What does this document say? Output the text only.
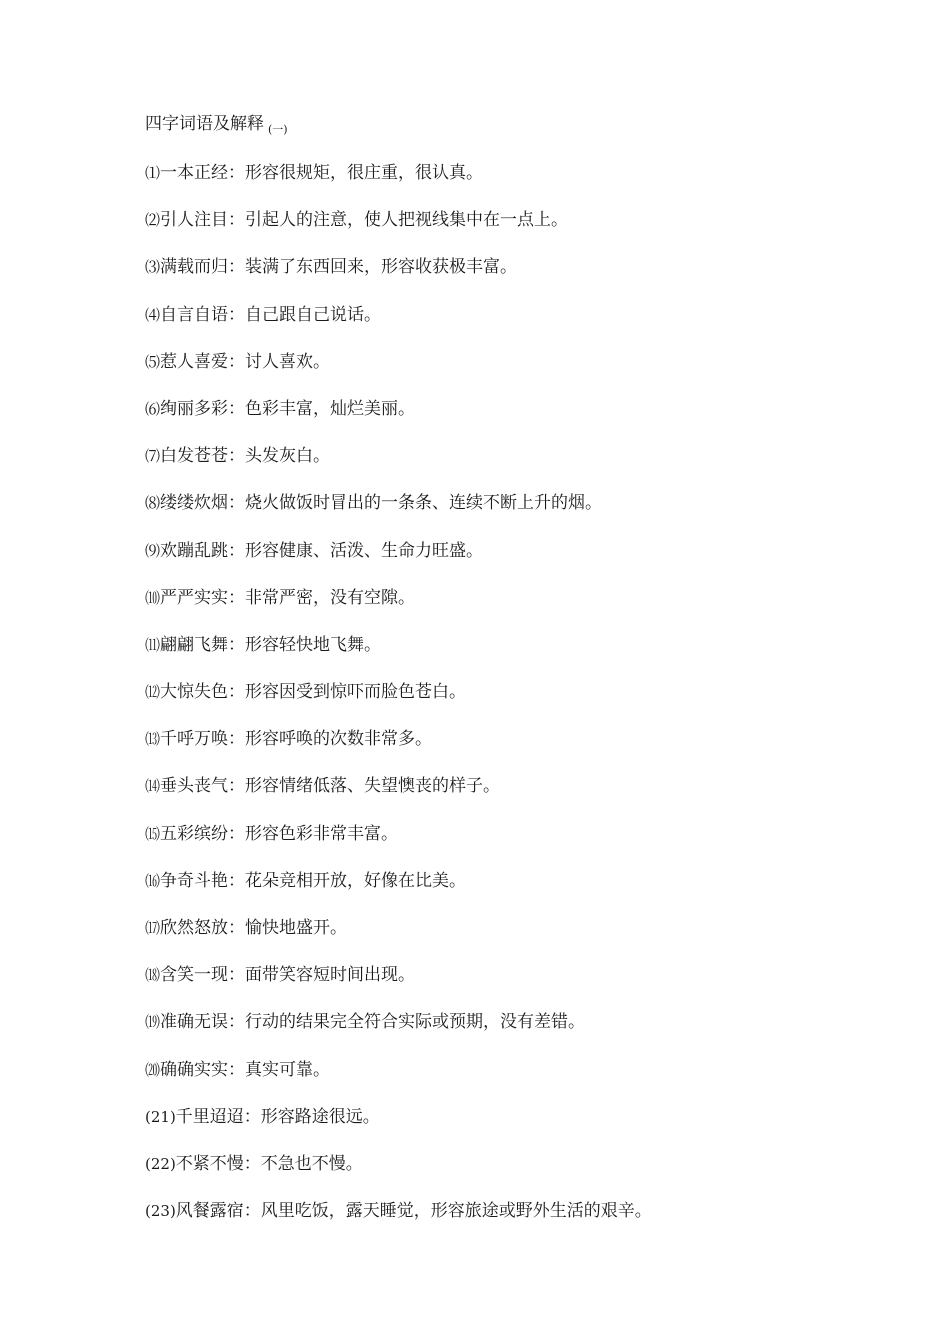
四字词语及解释 $_{(一)}$
⑴一本正经：形容很规矩，很庄重，很认真。
⑵引人注目：引起人的注意，使人把视线集中在一点上。
⑶满载而归：装满了东西回来，形容收获极丰富。
⑷自言自语：自己跟自己说话。
⑸惹人喜爱：讨人喜欢。
⑹绚丽多彩：色彩丰富，灿烂美丽。
⑺白发苍苍：头发灰白。
⑻缕缕炊烟：烧火做饭时冒出的一条条、连续不断上升的烟。
⑼欢蹦乱跳：形容健康、活泼、生命力旺盛。
⑽严严实实：非常严密，没有空隙。
⑾翩翩飞舞：形容轻快地飞舞。
⑿大惊失色：形容因受到惊吓而脸色苍白。
⒀千呼万唤：形容呼唤的次数非常多。
⒁垂头丧气：形容情绪低落、失望懊丧的样子。
⒂五彩缤纷：形容色彩非常丰富。
⒃争奇斗艳：花朵竞相开放，好像在比美。
⒄欣然怒放：愉快地盛开。
⒅含笑一现：面带笑容短时间出现。
⒆准确无误：行动的结果完全符合实际或预期，没有差错。
⒇确确实实：真实可靠。
(21)千里迢迢：形容路途很远。
(22)不紧不慢：不急也不慢。
(23)风餐露宿：风里吃饭，露天睡觉，形容旅途或野外生活的艰辛。
